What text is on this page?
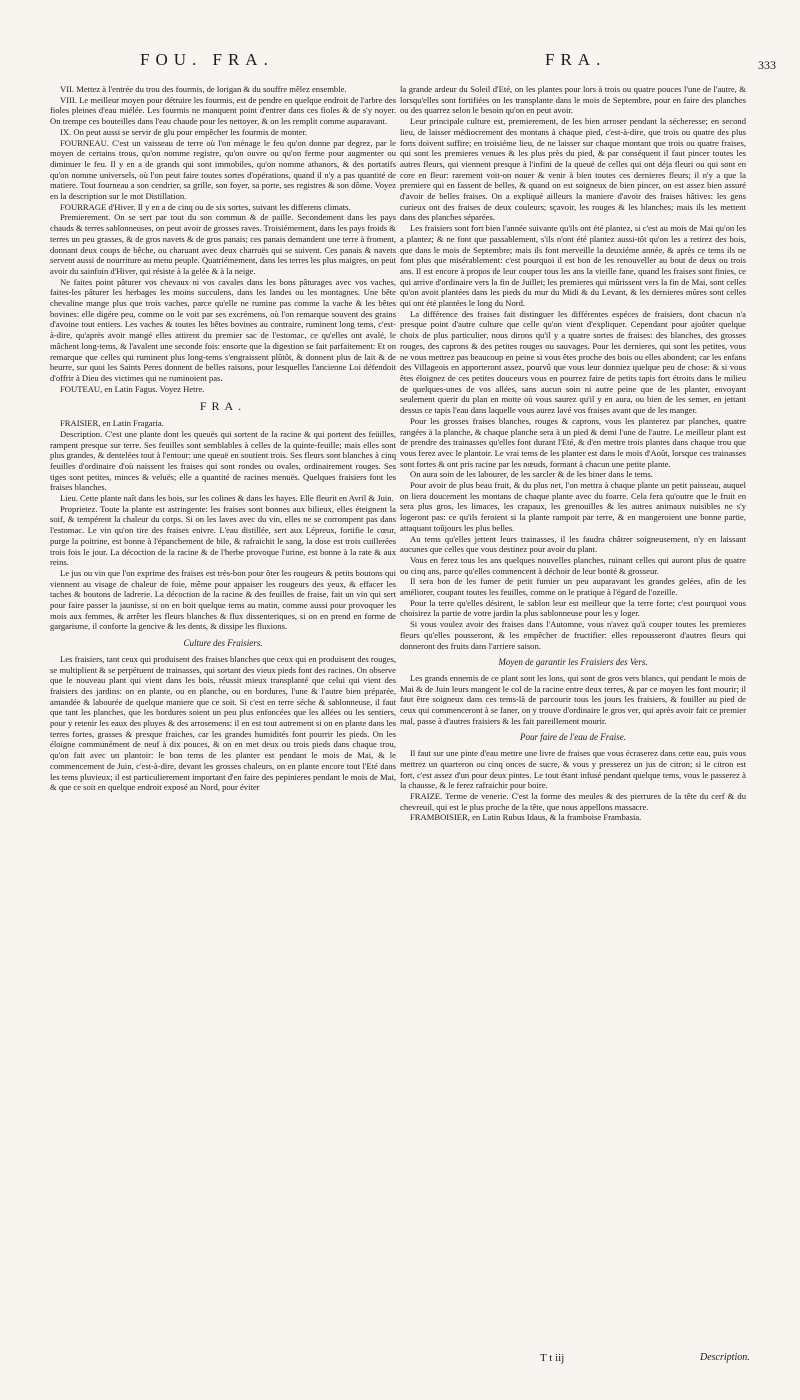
FOU. FRA.	FRA.	333

VII. Mettez à l'entrée du trou des fourmis, de lorigan & du souffre mêlez ensemble.

VIII. Le meilleur moyen pour détruire les fourmis, est de pendre en quelque endroit de l'arbre des fioles pleines d'eau miélée. Les fourmis ne manquent point d'entrer dans ces fioles & de s'y noyer. On trempe ces bouteilles dans l'eau chaude pour les nettoyer, & on les remplit comme auparavant.

IX. On peut aussi se servir de glu pour empêcher les fourmis de monter.

FOURNEAU. C'est un vaisseau de terre où l'on ménage le feu qu'on donne par degrez, par le moyen de certains trous, qu'on nomme registre, qu'on ouvre ou qu'on ferme pour augmenter ou diminuer le feu. Il y en a de grands qui sont immobiles, qu'on nomme athanors, & des portatifs qu'on nomme universels, où l'on peut faire toutes sortes d'opérations, quand il n'y a pas quantité de matiere. Tout fourneau a son cendrier, sa grille, son foyer, sa porte, ses registres & son dôme. Voyez en la description sur le mot Distillation.

FOURRAGE d'Hiver. Il y en a de cinq ou de six sortes, suivant les differens climats.

Premierement. On se sert par tout du son commun & de paille. Secondement dans les pays chauds & terres sablonneuses, on peut avoir de grosses raves. Troisiémement, dans les pays froids & terres un peu grasses, & de gros navets & de gros panais; ces panais demandent une terre à froment, donnant deux coups de bêche, ou charuant avec deux charruës qui se suivent. Ces panais & navets servent aussi de nourriture au menu peuple. Quatriémement, dans les terres les plus maigres, on peut avoir du sainfoin d'Hiver, qui résiste à la gelée & à la neige.

Ne faites point pâturer vos chevaux ni vos cavales dans les bons pâturages avec vos vaches, faites-les pâturer les herbages les moins succulens, dans les landes ou les montagnes. Une bête chevaline mange plus que trois vaches, parce qu'elle ne rumine pas comme la vache & les bêtes bovines: elle digére peu, comme on le voit par ses excrémens, où l'on remarque souvent des grains d'avoine tout entiers. Les vaches & toutes les bêtes bovines au contraire, ruminent long tems, c'est-à-dire, qu'après avoir mangé elles attirent du premier sac de l'estomac, ce qu'elles ont avalé, le mâchent long-tems, & l'avalent une seconde fois: ensorte que la digestion se fait parfaitement: Et on remarque que celles qui ruminent plus long-tems s'engraissent plûtôt, & donnent plus de lait & de beurre, sur quoi les Saints Peres donnent de belles raisons, pour lesquelles l'ancienne Loi défendoit d'offrir à Dieu des victimes qui ne ruminoient pas.

FOUTEAU, en Latin Fagus. Voyez Hetre.

FRA.

FRAISIER, en Latin Fragaria.

Description. C'est une plante dont les queuës qui sortent de la racine & qui portent des feüilles, rampent presque sur terre. Ses feuilles sont semblables à celles de la quinte-feuille; mais elles sont plus grandes, & dentelées tout à l'entour: une queuë en soutient trois. Ses fleurs sont blanches à cinq feuilles d'ordinaire d'où naissent les fraises qui sont rondes ou ovales, ordinairement rouges. Ses tiges sont petites, minces & veluës; elle a quantité de racines menuës. Quelques fraisiers font les fraises blanches.

Lieu. Cette plante naît dans les bois, sur les colines & dans les hayes. Elle fleurit en Avril & Juin.

Proprietez. Toute la plante est astringente: les fraises sont bonnes aux bilieux, elles éteignent la soif, & tempérent la chaleur du corps. Si on les laves avec du vin, elles ne se corrompent pas dans l'estomac. Le vin qu'on tire des fraises enivre. L'eau distillée, sert aux Lépreux, fortifie le cœur, purge la poitrine, est bonne à l'épanchement de bile, & rafraichit le sang, la dose est trois cuillerées trois fois le jour. La décoction de la racine & de l'herbe provoque l'urine, est bonne à la rate & aux reins.

Le jus ou vin que l'on exprime des fraises est très-bon pour ôter les rougeurs & petits boutons qui viennent au visage de chaleur de foie, même pour appaiser les rougeurs des yeux, & effacer les taches & boutons de ladrerie. La décoction de la racine & des feuilles de fraise, fait un vin qui sert pour faire passer la jaunisse, si on en boit quelque tems au matin, comme aussi pour provoquer les mois aux femmes, & arrêter les fleurs blanches & flux dissenteriques, si on en prend en forme de gargarisme, il conforte la gencive & les dents, & dissipe les fluxions.

Culture des Fraisiers.

Les fraisiers, tant ceux qui produisent des fraises blanches que ceux qui en produisent des rouges, se multiplient & se perpétuent de trainasses, qui sortant des vieux pieds font des racines. On observe que le nouveau plant qui vient dans les bois, réussit mieux transplanté que celui qui vient des fraisiers des jardins: on en plante, ou en planche, ou en bordures, l'une & l'autre bien préparée, amandée & labourée de quelque maniere que ce soit. Si c'est en terre séche & sablonneuse, il faut que tant les planches, que les bordures soient un peu plus enfoncées que les allées ou les sentiers, pour y retenir les eaux des pluyes & des arrosemens: il en est tout autrement si on en plante dans les terres fortes, grasses & presque fraiches, car les grandes humidités font pourrir les pieds. On les éloigne communément de neuf à dix pouces, & on en met deux ou trois pieds dans chaque trou, qu'on fait avec un plantoir: le bon tems de les planter est pendant le mois de Mai, & le commencement de Juin, c'est-à-dire, devant les grosses chaleurs, on en plante encore tout l'Eté dans les tems pluvieux; il est particulierement important d'en faire des pepinieres pendant le mois de Mai, & que ce soit en quelque endroit exposé au Nord, pour éviter

la grande ardeur du Soleil d'Eté, on les plantes pour lors à trois ou quatre pouces l'une de l'autre, & lorsqu'elles sont fortifiées on les transplante dans le mois de Septembre, pour en faire des planches ou des quarrez selon le besoin qu'on en peut avoir.

Leur principale culture est, premierement, de les bien arroser pendant la sécheresse; en second lieu, de laisser médiocrement des montans à chaque pied, c'est-à-dire, que trois ou quatre des plus forts doivent suffire; en troisiéme lieu, de ne laisser sur chaque montant que trois ou quatre fraises, qui sont les premieres venues & les plus près du pied, & par conséquent il faut pincer toutes les autres fleurs, qui viennent presque à l'infini de la queuë de celles qui ont déja fleuri ou qui sont en core en fleur: rarement voit-on nouer & venir à bien toutes ces dernieres fleurs; il n'y a que la premiere qui en fassent de belles, & quand on est soigneux de bien pincer, on est assez bien assuré d'avoir de belles fraises. On a expliqué ailleurs la maniere d'avoir des fraises hâtives: les gens curieux ont des fraises de deux couleurs; sçavoir, les rouges & les blanches; mais ils les mettent dans des planches séparées.

Les fraisiers sont fort bien l'année suivante qu'ils ont été plantez, si c'est au mois de Mai qu'on les a plantez; & ne font que passablement, s'ils n'ont été plantez aussi-tôt qu'on les a retirez des bois, que dans le mois de Septembre; mais ils font merveille la deuxiéme année, & après ce tems ils ne font plus que misérablement: c'est pourquoi il est bon de les renouveller au bout de deux ou trois ans. Il est encore à propos de leur couper tous les ans la vieille fane, quand les fraises sont finies, ce qui arrive d'ordinaire vers la fin de Juillet; les premieres qui mûrissent vers la fin de Mai, sont celles qu'on avoit plantées dans les pieds du mur du Midi & du Levant, & les dernieres mûres sont celles qui ont été plantées le long du Nord.

La différence des fraises fait distinguer les différentes espéces de fraisiers, dont chacun n'a presque point d'autre culture que celle qu'on vient d'expliquer. Cependant pour ajoûter quelque choix de plus particulier, nous dirons qu'il y a quatre sortes de fraises: des blanches, des grosses rouges, des caprons & des petites rouges ou sauvages. Pour les dernieres, qui sont les petites, vous ne vous mettrez pas beaucoup en peine si vous êtes proche des bois ou elles abondent; car les enfans des Villageois en apporteront assez, pourvû que vous leur donniez quelque peu de chose: & si vous êtes éloignez de ces petites douceurs vous en pourrez faire de petits tapis fort étroits dans le milieu de quelques-unes de vos allées, sans aucun soin ni autre peine que de les planter, envoyant seulement querir du plan en motte où vous saurez qu'il y en aura, ou bien de les semer, en jettant dessus ce tapis l'eau dans laquelle vous aurez lavé vos fraises avant que de les manger.

Pour les grosses fraises blanches, rouges & caprons, vous les planterez par planches, quatre rangées à la planche, & chaque planche sera à un pied & demi l'une de l'autre. Le meilleur plant est de prendre des trainasses qu'elles font durant l'Eté, & d'en mettre trois plantes dans chaque trou que vous ferez avec le plantoir. Le vrai tems de les planter est dans le mois d'Août, lorsque ces trainasses sont fortes & ont pris racine par les nœuds, formant à chacun une petite plante.

On aura soin de les labourer, de les sarcler & de les biner dans le tems.

Pour avoir de plus beau fruit, & du plus net, l'on mettra à chaque plante un petit paisseau, auquel on liera doucement les montans de chaque plante avec du foarre. Cela fera qu'outre que le fruit en sera plus gros, les limaces, les crapaux, les grenouilles & les autres animaux nuisibles ne s'y logeront pas: ce qu'ils feroient si la plante rampoit par terre, & en mangeroient une bonne partie, attaquant toûjours les plus belles.

Au tems qu'elles jettent leurs trainasses, il les faudra châtrer soigneusement, n'y en laissant aucunes que celles que vous destinez pour avoir du plant.

Vous en ferez tous les ans quelques nouvelles planches, ruinant celles qui auront plus de quatre ou cinq ans, parce qu'elles commencent à déchoir de leur bonté & grosseur.

Il sera bon de les fumer de petit fumier un peu auparavant les grandes gelées, afin de les améliorer, coupant toutes les feuilles, comme on le pratique à l'égard de l'ozeille.

Pour la terre qu'elles désirent, le sablon leur est meilleur que la terre forte; c'est pourquoi vous choisirez la partie de votre jardin la plus sablonneuse pour les y loger.

Si vous voulez avoir des fraises dans l'Automne, vous n'avez qu'à couper toutes les premieres fleurs qu'elles pousseront, & les empêcher de fructifier: elles repousseront d'autres fleurs qui donneront des fruits dans l'arriere saison.

Moyen de garantir les Fraisiers des Vers.

Les grands ennemis de ce plant sont les lons, qui sont de gros vers blancs, qui pendant le mois de Mai & de Juin leurs mangent le col de la racine entre deux terres, & par ce moyen les font mourir; il faut être soigneux dans ces tems-là de parcourir tous les jours les fraisiers, & fouiller au pied de ceux qui commenceront à se faner, on y trouve d'ordinaire le gros ver, qui après avoir fait ce premier mal, passe à d'autres fraisiers & les fait pareillement mourir.

Pour faire de l'eau de Fraise.

Il faut sur une pinte d'eau mettre une livre de fraises que vous écraserez dans cette eau, puis vous mettrez un quarteron ou cinq onces de sucre, & vous y presserez un jus de citron; si le citron est fort, c'est assez d'un pour deux pintes. Le tout étant infusé pendant quelque tems, vous le passerez à la chausse, & le ferez rafraichir pour boire.

FRAIZE. Terme de venerie. C'est la forme des meules & des pierrures de la tête du cerf & du chevreuil, qui est le plus proche de la tête, que nous appellons massacre.

FRAMBOISIER, en Latin Rubus Idaus, & la framboise Frambasia.

T t iij	Description.
